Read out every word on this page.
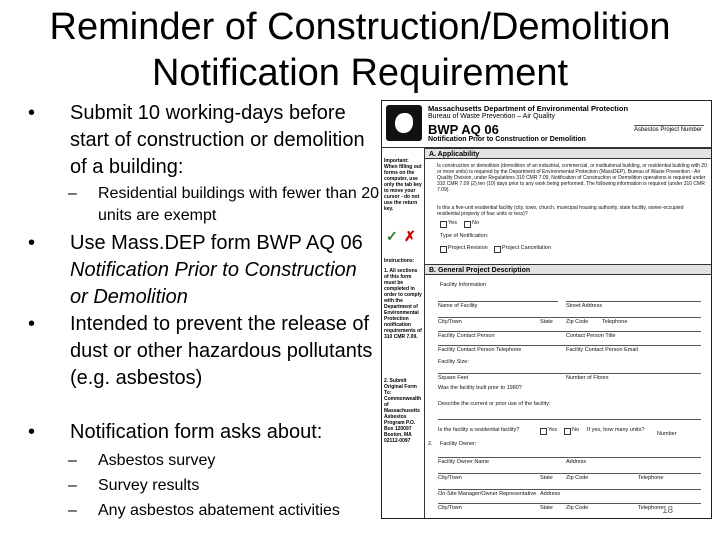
Reminder of Construction/Demolition
Notification Requirement
• Submit 10 working-days before start of construction or demolition of a building:
– Residential buildings with fewer than 20 units are exempt
• Use Mass.DEP form BWP AQ 06 Notification Prior to Construction or Demolition
• Intended to prevent the release of dust or other hazardous pollutants (e.g. asbestos)
• Notification form asks about:
– Asbestos survey
– Survey results
– Any asbestos abatement activities
Massachusetts Department of Environmental Protection
Bureau of Waste Prevention – Air Quality
BWP AQ 06
Notification Prior to Construction or Demolition
Asbestos Project Number
Important: When filling out forms on the computer, use only the tab key to move your cursor - do not use the return key.
✓ ✗
Instructions:
1. All sections of this form must be completed in order to comply with the Department of Environmental Protection notification requirements of 310 CMR 7.09.
2. Submit Original Form To: Commonwealth of Massachusetts Asbestos Program P.O. Box 120097 Boston, MA 02112-0097
A. Applicability
Is construction or demolition (demolition of an industrial, commercial, or institutional building, or residential building with 20 or more units) is required by the Department of Environmental Protection (MassDEP), Bureau of Waste Prevention - Air Quality Division, under Regulations 310 CMR 7.09, Notification of Construction or Demolition operations is required under 310 CMR 7.09 (2) ten (10) days prior to any work being performed. The following information is required (under 310 CMR 7.09).
Is this a five-unit residential facility (city, town, church, municipal housing authority, state facility, owner-occupied residential property of four units or less)?
Yes	No
Type of Notification:
Project Revision	Project Cancellation
B. General Project Description
Facility Information
Name of Facility	Street Address
City/Town	State Zip Code Telephone
Facility Contact Person	Contact Person Title
Facility Contact Person Telephone	Facility Contact Person Email
Facility Size:
Square Feet	Number of Floors
Was the facility built prior to 1980?
Describe the current or prior use of the facility:
Is the facility a residential facility?	Yes	No If yes, how many units?
Number
2. Facility Owner:
Facility Owner Name	Address
City/Town	State Zip Code	Telephone
On-Site Manager/Owner Representative Address
City/Town	State Zip Code	Telephone
18
